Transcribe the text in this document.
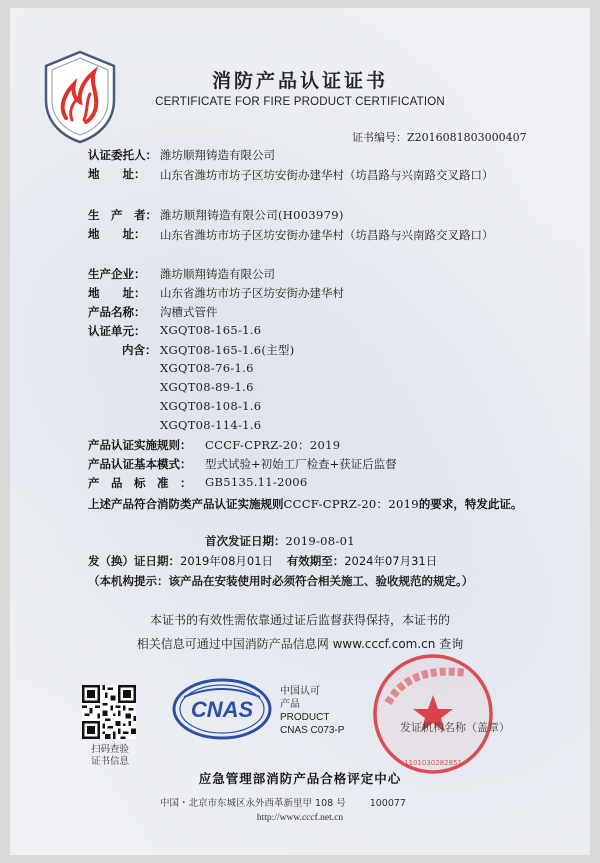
消防产品认证证书
CERTIFICATE FOR FIRE PRODUCT CERTIFICATION
证书编号：Z2016081803000407
认证委托人： 潍坊顺翔铸造有限公司
地　　址： 山东省潍坊市坊子区坊安街办建华村（坊昌路与兴南路交叉路口）
生　产　者： 潍坊顺翔铸造有限公司(H003979)
地　　址： 山东省潍坊市坊子区坊安街办建华村（坊昌路与兴南路交叉路口）
生产企业： 潍坊顺翔铸造有限公司
地　　址： 山东省潍坊市坊子区坊安街办建华村
产品名称： 沟槽式管件
认证单元： XGQT08-165-1.6
内含： XGQT08-165-1.6(主型)
XGQT08-76-1.6
XGQT08-89-1.6
XGQT08-108-1.6
XGQT08-114-1.6
产品认证实施规则： CCCF-CPRZ-20：2019
产品认证基本模式： 型式试验+初始工厂检查+获证后监督
产　品　标　准　： GB5135.11-2006
上述产品符合消防类产品认证实施规则CCCF-CPRZ-20：2019的要求，特发此证。
首次发证日期：2019-08-01
发（换）证日期：2019年08月01日 有效期至：2024年07月31日
（本机构提示：该产品在安装使用时必须符合相关施工、验收规范的规定。）
本证书的有效性需依靠通过证后监督获得保持，本证书的
相关信息可通过中国消防产品信息网 www.cccf.com.cn 查询
扫码查验
证书信息
CNAS
中国认可
产品
PRODUCT
CNAS C073-P
1101030282851
发证机构名称（盖章）
应急管理部消防产品合格评定中心
中国・北京市东城区永外西革新里甲 108 号	100077
http://www.cccf.net.cn
